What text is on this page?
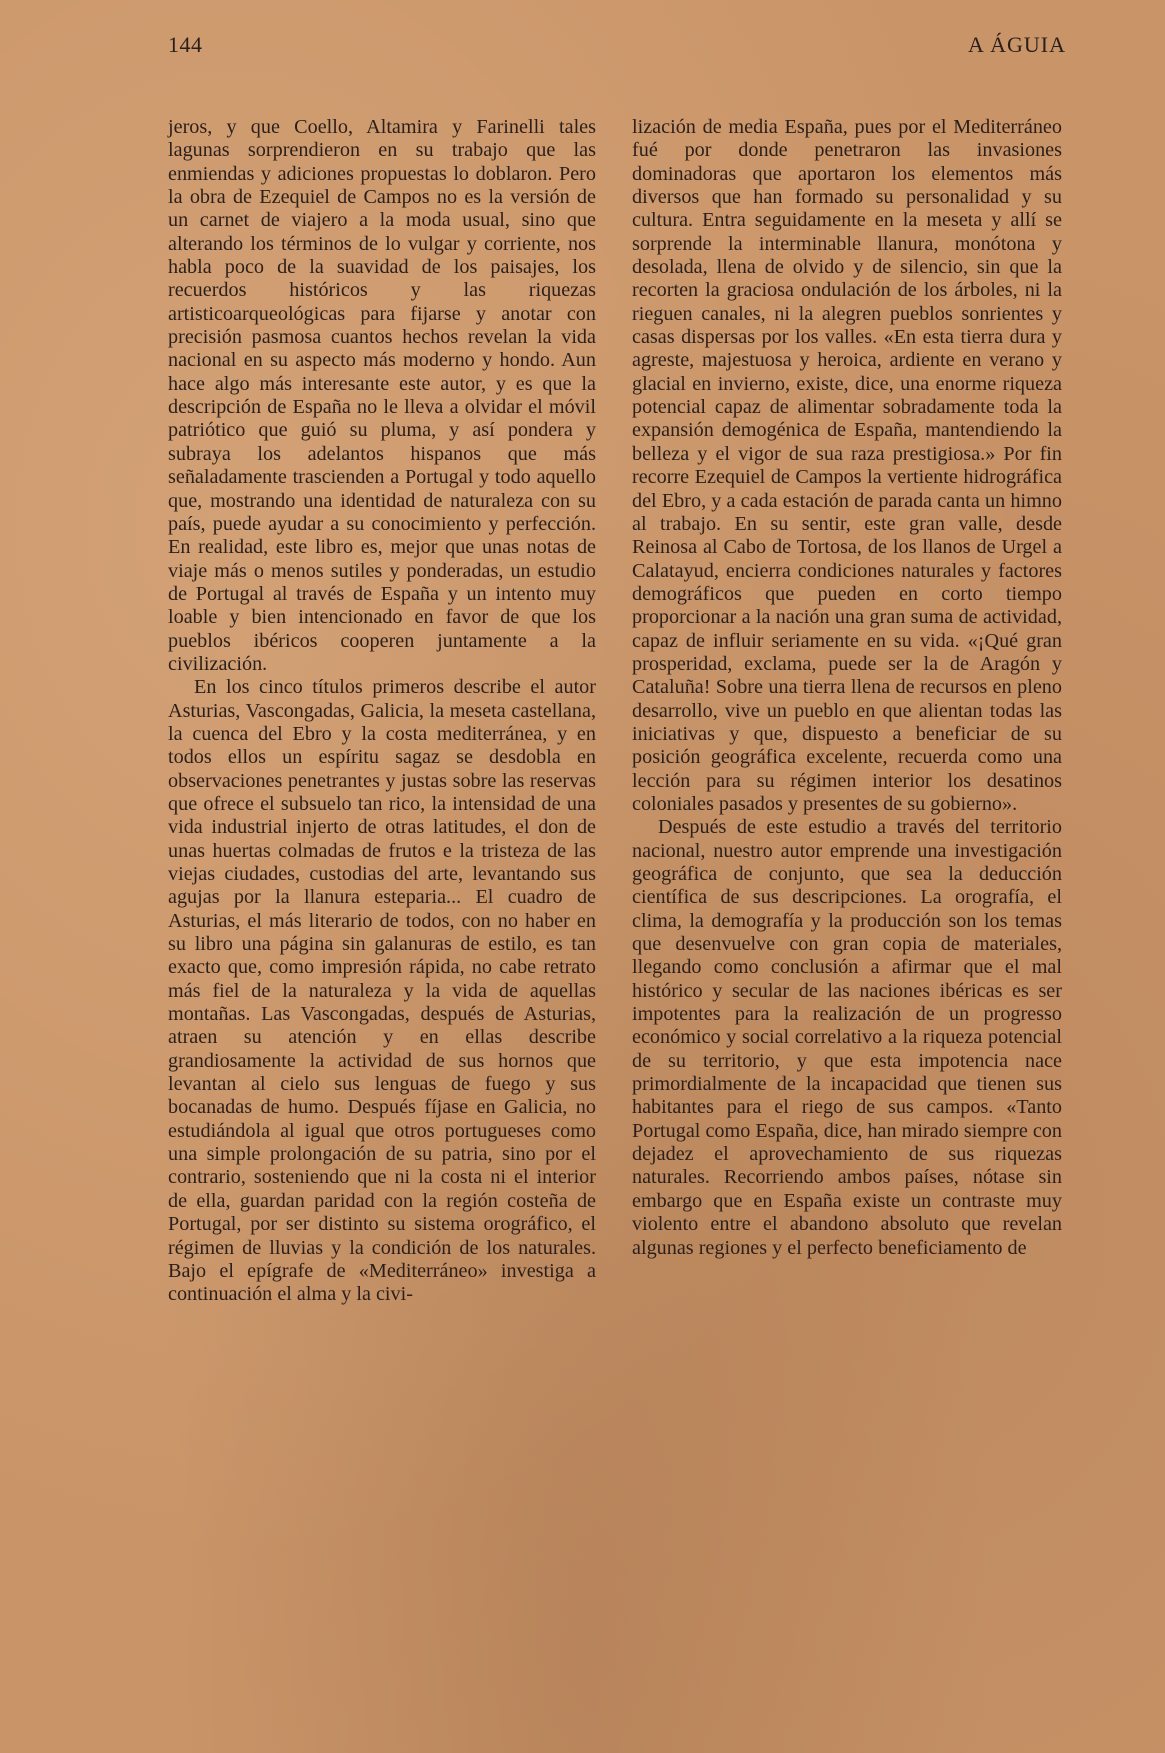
144	A ÁGUIA

jeros, y que Coello, Altamira y Farinelli tales lagunas sorprendieron en su trabajo que las enmiendas y adiciones propuestas lo doblaron. Pero la obra de Ezequiel de Campos no es la versión de un carnet de viajero a la moda usual, sino que alterando los términos de lo vulgar y corriente, nos habla poco de la suavidad de los paisajes, los recuerdos históricos y las riquezas artisticoarqueológicas para fijarse y anotar con precisión pasmosa cuantos hechos revelan la vida nacional en su aspecto más moderno y hondo. Aun hace algo más interesante este autor, y es que la descripción de España no le lleva a olvidar el móvil patriótico que guió su pluma, y así pondera y subraya los adelantos hispanos que más señaladamente trascienden a Portugal y todo aquello que, mostrando una identidad de naturaleza con su país, puede ayudar a su conocimiento y perfección. En realidad, este libro es, mejor que unas notas de viaje más o menos sutiles y ponderadas, un estudio de Portugal al través de España y un intento muy loable y bien intencionado en favor de que los pueblos ibéricos cooperen juntamente a la civilización.

En los cinco títulos primeros describe el autor Asturias, Vascongadas, Galicia, la meseta castellana, la cuenca del Ebro y la costa mediterránea, y en todos ellos un espíritu sagaz se desdobla en observaciones penetrantes y justas sobre las reservas que ofrece el subsuelo tan rico, la intensidad de una vida industrial injerto de otras latitudes, el don de unas huertas colmadas de frutos e la tristeza de las viejas ciudades, custodias del arte, levantando sus agujas por la llanura esteparia... El cuadro de Asturias, el más literario de todos, con no haber en su libro una página sin galanuras de estilo, es tan exacto que, como impresión rápida, no cabe retrato más fiel de la naturaleza y la vida de aquellas montañas. Las Vascongadas, después de Asturias, atraen su atención y en ellas describe grandiosamente la actividad de sus hornos que levantan al cielo sus lenguas de fuego y sus bocanadas de humo. Después fíjase en Galicia, no estudiándola al igual que otros portugueses como una simple prolongación de su patria, sino por el contrario, sosteniendo que ni la costa ni el interior de ella, guardan paridad con la región costeña de Portugal, por ser distinto su sistema orográfico, el régimen de lluvias y la condición de los naturales. Bajo el epígrafe de «Mediterráneo» investiga a continuación el alma y la civi-

lización de media España, pues por el Mediterráneo fué por donde penetraron las invasiones dominadoras que aportaron los elementos más diversos que han formado su personalidad y su cultura. Entra seguidamente en la meseta y allí se sorprende la interminable llanura, monótona y desolada, llena de olvido y de silencio, sin que la recorten la graciosa ondulación de los árboles, ni la rieguen canales, ni la alegren pueblos sonrientes y casas dispersas por los valles. «En esta tierra dura y agreste, majestuosa y heroica, ardiente en verano y glacial en invierno, existe, dice, una enorme riqueza potencial capaz de alimentar sobradamente toda la expansión demogénica de España, mantendiendo la belleza y el vigor de sua raza prestigiosa.» Por fin recorre Ezequiel de Campos la vertiente hidrográfica del Ebro, y a cada estación de parada canta un himno al trabajo. En su sentir, este gran valle, desde Reinosa al Cabo de Tortosa, de los llanos de Urgel a Calatayud, encierra condiciones naturales y factores demográficos que pueden en corto tiempo proporcionar a la nación una gran suma de actividad, capaz de influir seriamente en su vida. «¡Qué gran prosperidad, exclama, puede ser la de Aragón y Cataluña! Sobre una tierra llena de recursos en pleno desarrollo, vive un pueblo en que alientan todas las iniciativas y que, dispuesto a beneficiar de su posición geográfica excelente, recuerda como una lección para su régimen interior los desatinos coloniales pasados y presentes de su gobierno».

Después de este estudio a través del territorio nacional, nuestro autor emprende una investigación geográfica de conjunto, que sea la deducción científica de sus descripciones. La orografía, el clima, la demografía y la producción son los temas que desenvuelve con gran copia de materiales, llegando como conclusión a afirmar que el mal histórico y secular de las naciones ibéricas es ser impotentes para la realización de un progresso económico y social correlativo a la riqueza potencial de su territorio, y que esta impotencia nace primordialmente de la incapacidad que tienen sus habitantes para el riego de sus campos. «Tanto Portugal como España, dice, han mirado siempre con dejadez el aprovechamiento de sus riquezas naturales. Recorriendo ambos países, nótase sin embargo que en España existe un contraste muy violento entre el abandono absoluto que revelan algunas regiones y el perfecto beneficiamento de
